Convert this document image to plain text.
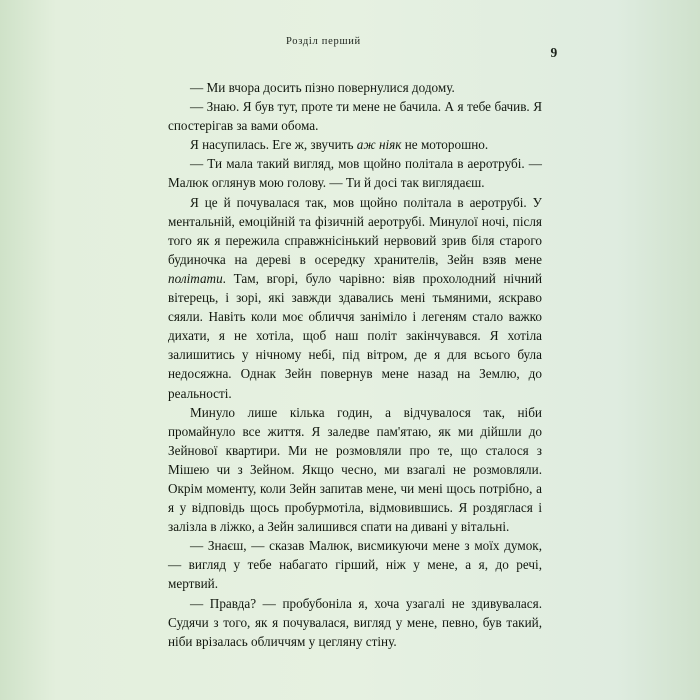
Розділ перший
9

— Ми вчора досить пізно повернулися додому.

— Знаю. Я був тут, проте ти мене не бачила. А я тебе бачив. Я спостерігав за вами обома.

Я насупилась. Еге ж, звучить аж ніяк не моторошно.

— Ти мала такий вигляд, мов щойно політала в аеротрубі. — Малюк оглянув мою голову. — Ти й досі так виглядаєш.

Я це й почувалася так, мов щойно політала в аеротрубі. У ментальній, емоційній та фізичній аеротрубі. Минулої ночі, після того як я пережила справжнісінький нервовий зрив біля старого будиночка на дереві в осередку хранителів, Зейн взяв мене політати. Там, вгорі, було чарівно: віяв прохолодний нічний вітерець, і зорі, які завжди здавались мені тьмяними, яскраво сяяли. Навіть коли моє обличчя заніміло і легеням стало важко дихати, я не хотіла, щоб наш політ закінчувався. Я хотіла залишитись у нічному небі, під вітром, де я для всього була недосяжна. Однак Зейн повернув мене назад на Землю, до реальності.

Минуло лише кілька годин, а відчувалося так, ніби промайнуло все життя. Я заледве пам'ятаю, як ми дійшли до Зейнової квартири. Ми не розмовляли про те, що сталося з Мішею чи з Зейном. Якщо чесно, ми взагалі не розмовляли. Окрім моменту, коли Зейн запитав мене, чи мені щось потрібно, а я у відповідь щось пробурмотіла, відмовившись. Я роздяглася і залізла в ліжко, а Зейн залишився спати на дивані у вітальні.

— Знаєш, — сказав Малюк, висмикуючи мене з моїх думок, — вигляд у тебе набагато гірший, ніж у мене, а я, до речі, мертвий.

— Правда? — пробубоніла я, хоча узагалі не здивувалася. Судячи з того, як я почувалася, вигляд у мене, певно, був такий, ніби врізалась обличчям у цегляну стіну.
